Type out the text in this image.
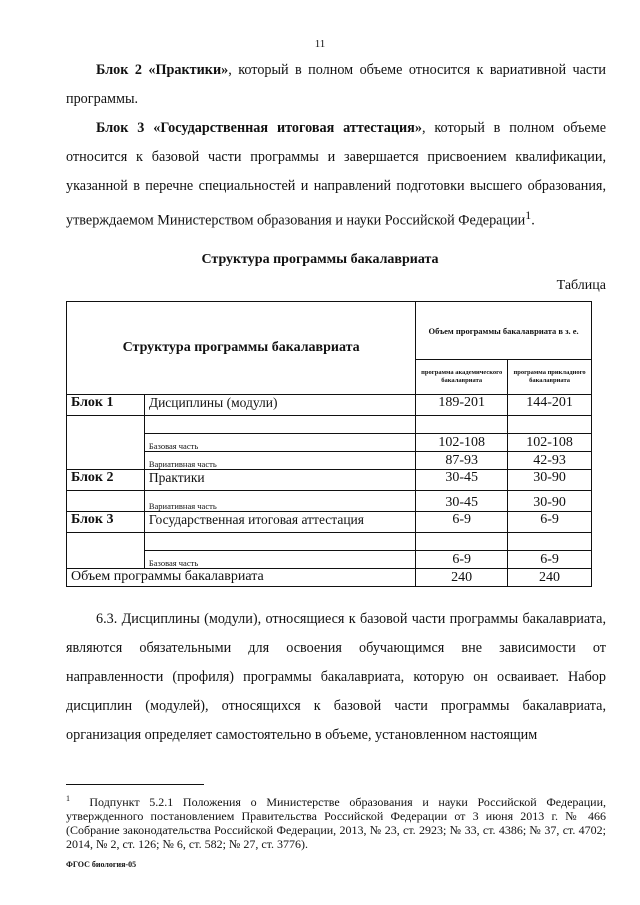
11

Блок 2 «Практики», который в полном объеме относится к вариативной части программы.

Блок 3 «Государственная итоговая аттестация», который в полном объеме относится к базовой части программы и завершается присвоением квалификации, указанной в перечне специальностей и направлений подготовки высшего образования, утверждаемом Министерством образования и науки Российской Федерации$^1$.

Структура программы бакалавриата
Таблица
Структура программы бакалавриата		Объем программы бакалавриата в з. е.	
		программа академического бакалавриата	программа прикладного бакалавриата
Блок 1	Дисциплины (модули)	189-201	144-201

	Базовая часть	102-108	102-108
	Вариативная часть	87-93	42-93
Блок 2	Практики	30-45	30-90
	Вариативная часть	30-45	30-90
Блок 3	Государственная итоговая аттестация	6-9	6-9

	Базовая часть	6-9	6-9
Объем программы бакалавриата		240	240

6.3. Дисциплины (модули), относящиеся к базовой части программы бакалавриата, являются обязательными для освоения обучающимся вне зависимости от направленности (профиля) программы бакалавриата, которую он осваивает. Набор дисциплин (модулей), относящихся к базовой части программы бакалавриата, организация определяет самостоятельно в объеме, установленном настоящим

$^1$ Подпункт 5.2.1 Положения о Министерстве образования и науки Российской Федерации, утвержденного постановлением Правительства Российской Федерации от 3 июня 2013 г. № 466 (Собрание законодательства Российской Федерации, 2013, № 23, ст. 2923; № 33, ст. 4386; № 37, ст. 4702; 2014, № 2, ст. 126; № 6, ст. 582; № 27, ст. 3776).

ФГОС биология-05
